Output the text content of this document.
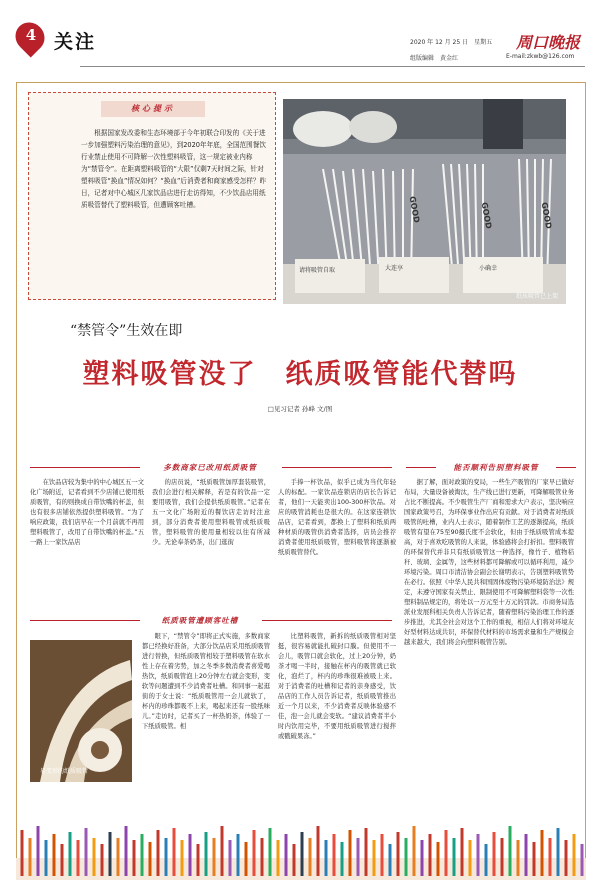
4 关注	2020 年 12 月 25 日　星期五
组版编辑　黄金红
周口晚报
E-mail:zkwb@126.com
核心提示
根据国家发改委和生态环境部于今年初联合印发的《关于进一步加强塑料污染治理的意见》，到2020年年底，全国范围餐饮行业禁止使用不可降解一次性塑料吸管，这一规定被业内称为“禁管令”。在距离塑料吸管的“大限”仅剩7天时间之际，针对塑料吸管“换血”情况如何？“换血”后消费者和商家感受怎样？昨日，记者对中心城区几家饮品店进行走访得知，不少饮品店用纸质吸管替代了塑料吸管，但遭顾客吐槽。	GOOD	GOOD	GOOD
请将吸管自取	大连享	小确幸
纸质吸管已上架
“禁管令”生效在即
塑料吸管没了　纸质吸管能代替吗
□见习记者 孙峰 文/图
多数商家已改用纸质吸管	能否顺利告别塑料吸管

在饮品店较为集中的中心城区五一文化广场附近，记者看到不少店铺已使用纸质吸管，有的则换成自带饮嘴的杯盖，但也有很多店铺依然提供塑料吸管。“为了响应政策，我们店早在一个月前就不再用塑料吸管了，改用了自带饮嘴的杯盖。”五一路上一家饮品店

的店员说，“纸质吸管加厚套装吸管，我们会进行相关解释，若是有的饮品一定要用吸管，我们会提供纸质吸管。”记者在五一文化广场附近的餐饮店走访时注意到，部分消费者使用塑料吸管或纸质吸管，塑料吸管的使用量相较以往有所减少。无论奉茶奶茶，出门逛街

手捧一杯饮品，似乎已成为当代年轻人的标配。一家饮品连锁店的店长告诉记者，他们一天能卖出100-300杯饮品。对应的吸管消耗也是很大的。在这家连锁饮品店，记者看到，都换上了塑料和纸质两种材质的吸管供消费者选择，店员会推荐消费者使用纸质吸管，塑料吸管将逐渐被纸质吸管替代。

纸质吸管遭顾客吐槽
易变形的纸质吸管

眼下，“禁管令”即将正式实施，多数商家都已经换好准备，大部分饮品店采用纸质吸管进行替换，但纸质吸管相较于塑料吸管在软水性上存在着劣势，加之冬季多数消费者喜爱喝热饮，纸质吸管泡上20分钟左右就会变形，变软等问题遭到不少消费者吐槽。和同事一起逛街的于女士说：“纸质吸管用一会儿就软了，杯内的珍珠都吸不上来，喝起来还有一股纸味儿。”走访时，记者买了一杯热奶茶，体验了一下纸质吸管。相

比塑料吸管，新拆的纸质吸管相对坚挺，很容易就能扎破封口膜。但使用不一会儿，吸管口就会软化，过上20分钟，奶茶才喝一半时，接触在杯内的吸管就已软化，泡烂了，杯内的珍珠很难被吸上来。对于消费者的吐槽和记者的亲身感受，饮品店的工作人员告诉记者，纸质吸管推出近一个月以来，不少消费者反映体验感不佳，泡一会儿就会变软。“建议消费者半小时内饮用完毕，不要用纸质吸管进行搅拌或戳破果冻。”

据了解，面对政策的变局，一些生产吸管的厂家早已做好布局，大量设备被淘汰，生产线已进行更新，可降解吸管业务占比不断提高。不少吸管生产厂商和需求大户表示，坚决响应国家政策号召，为环保事业作出应有贡献。对于消费者对纸质吸管的吐槽，业内人士表示，随着制作工艺的逐渐提高，纸质吸管有望在75至90摄氏度不会软化，但由于纸质吸管成本提高，对于喜欢吃吸管的人来说，体验感将会打折扣。塑料吸管的环保替代并非只有纸质吸管这一种选择，像竹子、植物秸秆、玻璃、金属等，这些材料都可降解或可以循环利用，减少环境污染。周口市清洁协会副会长谢明表示，告别塑料吸管势在必行。依照《中华人民共和国固体废物污染环境防治法》规定，未遵守国家有关禁止、限制使用不可降解塑料袋等一次性塑料制品规定的，将处以一万元至十万元的罚款。市商务局选派业发展科相关负责人告诉记者，随着塑料污染治理工作的逐步推进，尤其全社会对这个工作的重视，相信人们将对环境友好型材料达成共识，环保替代材料的市场需求量和生产规模会越来越大，我们将会向塑料吸管告别。
